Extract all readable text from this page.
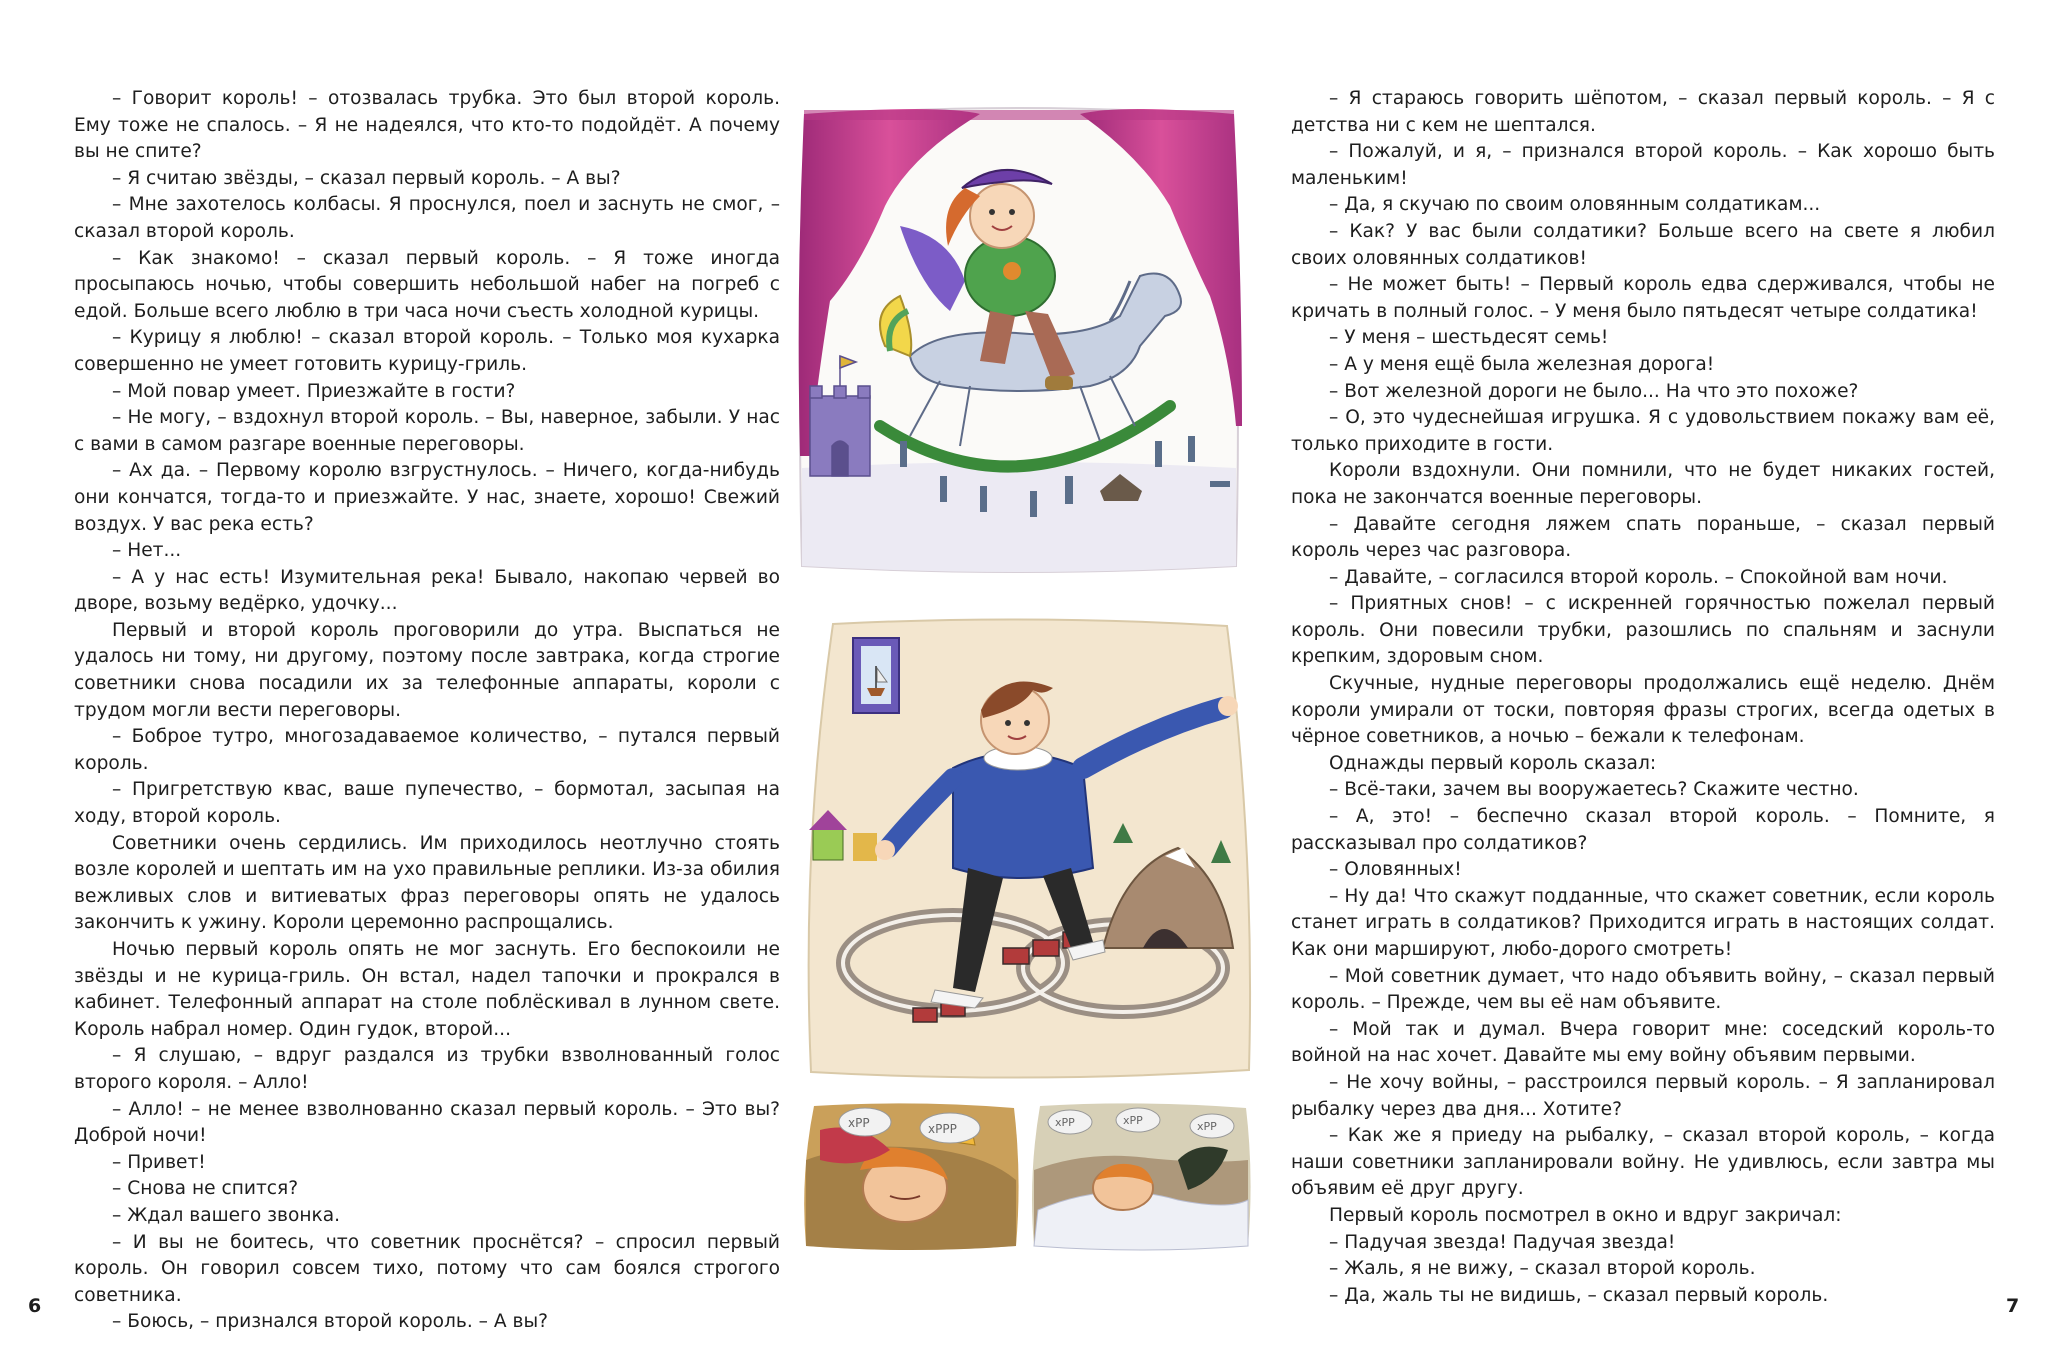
– Говорит король! – отозвалась трубка. Это был второй король. Ему тоже не спалось. – Я не надеялся, что кто-то подойдёт. А почему вы не спите?

– Я считаю звёзды, – сказал первый король. – А вы?

– Мне захотелось колбасы. Я проснулся, поел и заснуть не смог, – сказал второй король.

– Как знакомо! – сказал первый король. – Я тоже иногда просыпаюсь ночью, чтобы совершить небольшой набег на погреб с едой. Больше всего люблю в три часа ночи съесть холодной курицы.

– Курицу я люблю! – сказал второй король. – Только моя кухарка совершенно не умеет готовить курицу-гриль.

– Мой повар умеет. Приезжайте в гости?

– Не могу, – вздохнул второй король. – Вы, наверное, забыли. У нас с вами в самом разгаре военные переговоры.

– Ах да. – Первому королю взгрустнулось. – Ничего, когда-нибудь они кончатся, тогда-то и приезжайте. У нас, знаете, хорошо! Свежий воздух. У вас река есть?

– Нет...

– А у нас есть! Изумительная река! Бывало, накопаю червей во дворе, возьму ведёрко, удочку...

Первый и второй король проговорили до утра. Выспаться не удалось ни тому, ни другому, поэтому после завтрака, когда строгие советники снова посадили их за телефонные аппараты, короли с трудом могли вести переговоры.

– Боброе тутро, многозадаваемое количество, – путался первый король.

– Пригретствую квас, ваше пупечество, – бормотал, засыпая на ходу, второй король.

Советники очень сердились. Им приходилось неотлучно стоять возле королей и шептать им на ухо правильные реплики. Из-за обилия вежливых слов и витиеватых фраз переговоры опять не удалось закончить к ужину. Короли церемонно распрощались.

Ночью первый король опять не мог заснуть. Его беспокоили не звёзды и не курица-гриль. Он встал, надел тапочки и прокрался в кабинет. Телефонный аппарат на столе поблёскивал в лунном свете. Король набрал номер. Один гудок, второй...

– Я слушаю, – вдруг раздался из трубки взволнованный голос второго короля. – Алло!

– Алло! – не менее взволнованно сказал первый король. – Это вы? Доброй ночи!

– Привет!

– Снова не спится?

– Ждал вашего звонка.

– И вы не боитесь, что советник проснётся? – спросил первый король. Он говорил совсем тихо, потому что сам боялся строгого советника.

– Боюсь, – признался второй король. – А вы?

– Я стараюсь говорить шёпотом, – сказал первый король. – Я с детства ни с кем не шептался.

– Пожалуй, и я, – признался второй король. – Как хорошо быть маленьким!

– Да, я скучаю по своим оловянным солдатикам...

– Как? У вас были солдатики? Больше всего на свете я любил своих оловянных солдатиков!

– Не может быть! – Первый король едва сдерживался, чтобы не кричать в полный голос. – У меня было пятьдесят четыре солдатика!

– У меня – шестьдесят семь!

– А у меня ещё была железная дорога!

– Вот железной дороги не было... На что это похоже?

– О, это чудеснейшая игрушка. Я с удовольствием покажу вам её, только приходите в гости.

Короли вздохнули. Они помнили, что не будет никаких гостей, пока не закончатся военные переговоры.

– Давайте сегодня ляжем спать пораньше, – сказал первый король через час разговора.

– Давайте, – согласился второй король. – Спокойной вам ночи.

– Приятных снов! – с искренней горячностью пожелал первый король. Они повесили трубки, разошлись по спальням и заснули крепким, здоровым сном.

Скучные, нудные переговоры продолжались ещё неделю. Днём короли умирали от тоски, повторяя фразы строгих, всегда одетых в чёрное советников, а ночью – бежали к телефонам.

Однажды первый король сказал:

– Всё-таки, зачем вы вооружаетесь? Скажите честно.

– А, это! – беспечно сказал второй король. – Помните, я рассказывал про солдатиков?

– Оловянных!

– Ну да! Что скажут подданные, что скажет советник, если король станет играть в солдатиков? Приходится играть в настоящих солдат. Как они маршируют, любо-дорого смотреть!

– Мой советник думает, что надо объявить войну, – сказал первый король. – Прежде, чем вы её нам объявите.

– Мой так и думал. Вчера говорит мне: соседский король-то войной на нас хочет. Давайте мы ему войну объявим первыми.

– Не хочу войны, – расстроился первый король. – Я запланировал рыбалку через два дня... Хотите?

– Как же я приеду на рыбалку, – сказал второй король, – когда наши советники запланировали войну. Не удивлюсь, если завтра мы объявим её друг другу.

Первый король посмотрел в окно и вдруг закричал:

– Падучая звезда! Падучая звезда!

– Жаль, я не вижу, – сказал второй король.

– Да, жаль ты не видишь, – сказал первый король.

xPP	xPPP	xPP	xPP	xPP
6	7
